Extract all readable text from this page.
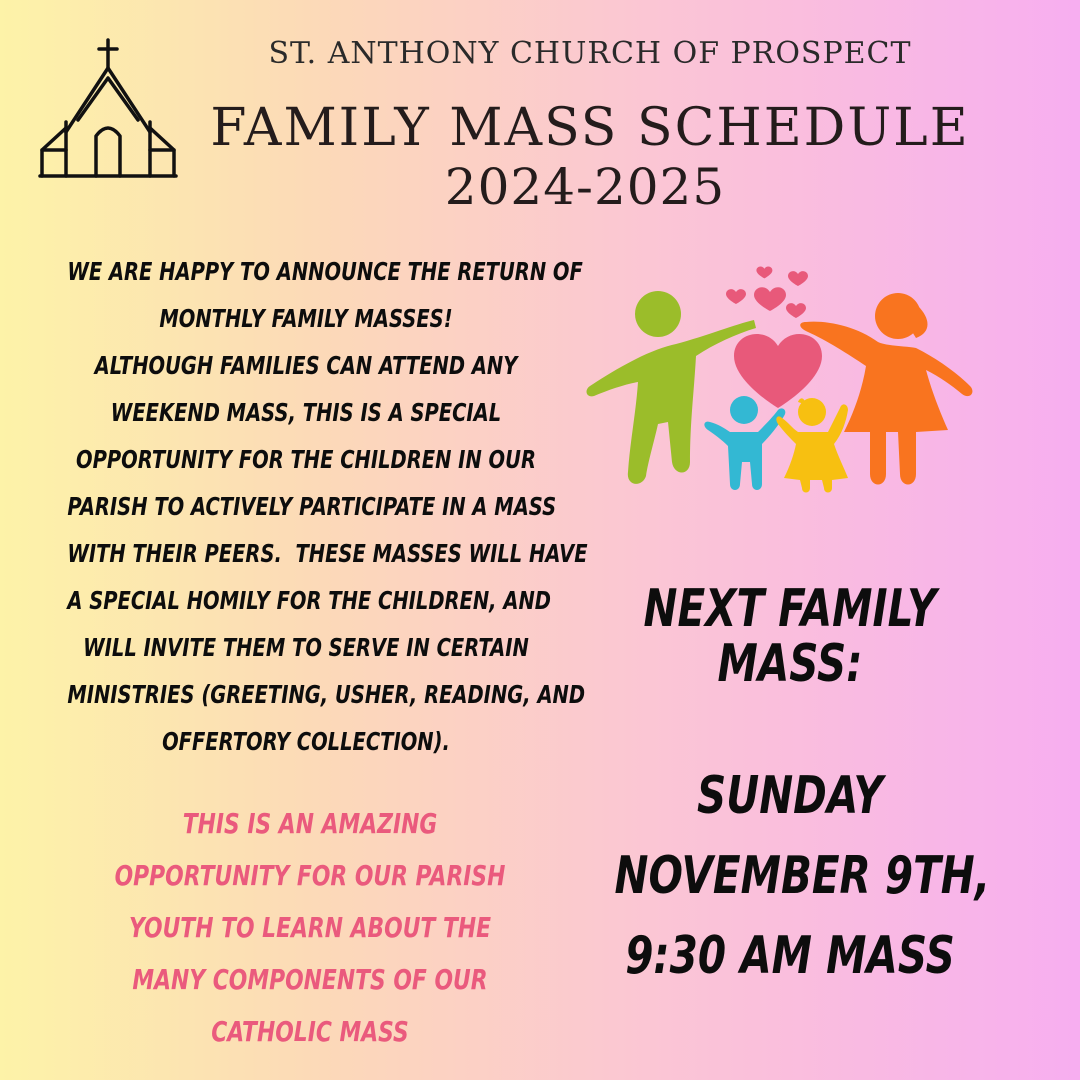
ST. ANTHONY CHURCH OF PROSPECT
FAMILY MASS SCHEDULE
2024-2025
WE ARE HAPPY TO ANNOUNCE THE RETURN OF
MONTHLY FAMILY MASSES!
ALTHOUGH FAMILIES CAN ATTEND ANY
WEEKEND MASS, THIS IS A SPECIAL
OPPORTUNITY FOR THE CHILDREN IN OUR
PARISH TO ACTIVELY PARTICIPATE IN A MASS
WITH THEIR PEERS.  THESE MASSES WILL HAVE
A SPECIAL HOMILY FOR THE CHILDREN, AND
WILL INVITE THEM TO SERVE IN CERTAIN
MINISTRIES (GREETING, USHER, READING, AND
OFFERTORY COLLECTION).
THIS IS AN AMAZING
OPPORTUNITY FOR OUR PARISH
YOUTH TO LEARN ABOUT THE
MANY COMPONENTS OF OUR
CATHOLIC MASS
NEXT FAMILY
MASS:
SUNDAY
NOVEMBER 9TH,
9:30 AM MASS
